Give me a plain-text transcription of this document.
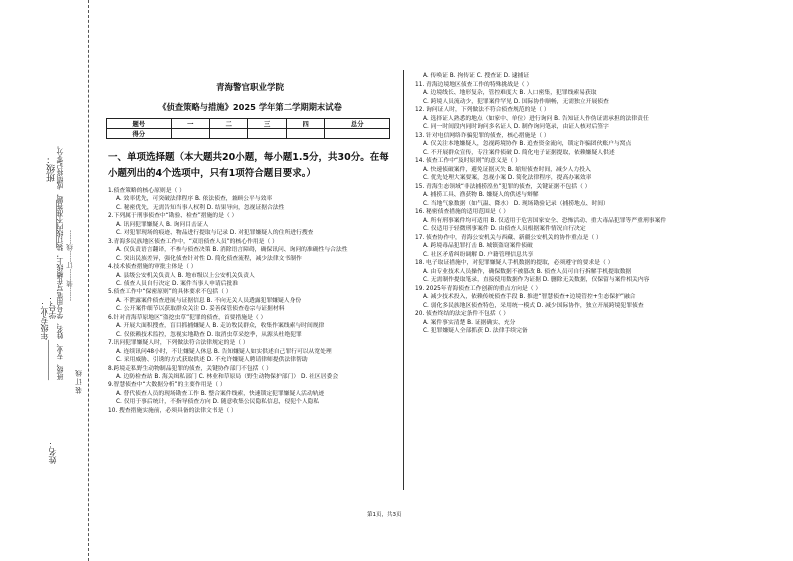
班级：
____________ 班级、专业、姓名、学号用笔写在横线上，装订线内不准答题，成绩将记零分。
学号：
年级专业：
__________
姓名：
装 订 线
------装-----订-----线------
青海警官职业学院
《侦查策略与措施》2025 学年第二学期期末试卷
题号	一	二	三	四	总分
得分					
一、单项选择题（本大题共20小题，每小题1.5分，共30分。在每小题列出的4个选项中，只有1项符合题目要求。）
1.侦查策略的核心原则是（ ）
A. 效率优先，可突破法律程序 B. 依法侦查，兼顾公平与效率
C. 秘密优先，无需告知当事人权利 D. 结果导向，忽视证据合法性
2.下列属于刑事侦查中“勘验、检查”措施的是（ ）
A. 讯问犯罪嫌疑人 B. 询问目击证人
C. 对犯罪现场的痕迹、物品进行提取与记录 D. 对犯罪嫌疑人的住所进行搜查
3.青海多民族地区侦查工作中，“双语侦查人员”的核心作用是（ ）
A. 仅负责语言翻译，不参与侦查决策 B. 消除语言障碍，确保讯问、询问的准确性与合法性
C. 突出民族差异，强化侦查针对性 D. 简化侦查流程，减少法律文书制作
4.技术侦查措施的审批主体是（ ）
A. 县级公安机关负责人 B. 地市级以上公安机关负责人
C. 侦查人员自行决定 D. 案件当事人申请后批准
5.侦查工作中“保密原则”的具体要求不包括（ ）
A. 不泄露案件侦查进展与证据信息 B. 不向无关人员透露犯罪嫌疑人身份
C. 公开案件细节以获取群众关注 D. 妥善保管侦查卷宗与证据材料
6.针对青海草原地区“盗挖虫草”犯罪的侦查，首要措施是（ ）
A. 开展大面积搜查，盲目抓捕嫌疑人 B. 走访牧民群众，收集作案线索与时间规律
C. 仅依赖技术监控，忽视实地勘查 D. 取消虫草采挖季，从源头杜绝犯罪
7.讯问犯罪嫌疑人时，下列做法符合法律规定的是（ ）
A. 连续讯问48小时，不让嫌疑人休息 B. 告知嫌疑人如实供述自己罪行可以从宽处理
C. 采用威胁、引诱的方式获取供述 D. 不允许嫌疑人聘请律师提供法律帮助
8.跨境走私野生动物制品犯罪的侦查，关键协作部门不包括（ ）
A. 边防检查站 B. 海关缉私部门 C. 林业和草原局（野生动物保护部门） D. 社区居委会
9.智慧侦查中“大数据分析”的主要作用是（ ）
A. 替代侦查人员的现场勘查工作 B. 整合案件线索，快速锁定犯罪嫌疑人活动轨迹
C. 仅用于事后统计，不指导侦查方向 D. 随意收集公民隐私信息，侵犯个人隐私
10. 搜查措施实施前，必须具备的法律文书是（ ）
A. 传唤证 B. 拘传证 C. 搜查证 D. 逮捕证
11. 青海边境地区侦查工作的特殊挑战是（ ）
A. 边境线长、地形复杂，管控难度大 B. 人口密集，犯罪线索易获取
C. 跨境人员流动少，犯罪案件罕见 D. 国际协作顺畅，无需独立开展侦查
12. 询问证人时，下列做法不符合侦查规范的是（ ）
A. 选择证人熟悉的地点（如家中、单位）进行询问 B. 告知证人作伪证需承担的法律责任
C. 同一时间段内同时询问多名证人 D. 制作询问笔录，由证人核对后签字
13. 针对电信网络诈骗犯罪的侦查，核心措施是（ ）
A. 仅关注本地嫌疑人，忽视跨境协作 B. 追查资金流向，锁定诈骗团伙账户与窝点
C. 不开展群众宣传，专注案件侦破 D. 简化电子证据提取，依赖嫌疑人供述
14. 侦查工作中“及时原则”的意义是（ ）
A. 快速侦破案件，避免证据灭失 B. 缩短侦查时间，减少人力投入
C. 优先处理大案要案，忽视小案 D. 简化法律程序，提高办案效率
15. 青海生态领域“非法捕捞湟鱼”犯罪的侦查，关键证据不包括（ ）
A. 捕捞工具、渔获物 B. 嫌疑人的供述与辩解
C. 当地气象数据（如气温、降水） D. 现场勘验记录（捕捞地点、时间）
16. 秘密侦查措施的适用范围是（ ）
A. 所有刑事案件均可适用 B. 仅适用于危害国家安全、恐怖活动、重大毒品犯罪等严重刑事案件
C. 仅适用于轻微刑事案件 D. 由侦查人员根据案件情况自行决定
17. 侦查协作中，青海公安机关与西藏、新疆公安机关的协作重点是（ ）
A. 跨境毒品犯罪打击 B. 城镇盗窃案件侦破
C. 社区矛盾纠纷调解 D. 户籍管理信息共享
18. 电子取证措施中，对犯罪嫌疑人手机数据的提取，必须遵守的要求是（ ）
A. 由专业技术人员操作，确保数据不被篡改 B. 侦查人员可自行拆解手机提取数据
C. 无需制作提取笔录，直接使用数据作为证据 D. 删除无关数据，仅保留与案件相关内容
19. 2025年青海侦查工作创新的重点方向是（ ）
A. 减少技术投入，依赖传统侦查手段 B. 推进“智慧侦查+边境管控+生态保护”融合
C. 弱化多民族地区侦查特色，采用统一模式 D. 减少国际协作，独立开展跨境犯罪侦查
20. 侦查终结的法定条件不包括（ ）
A. 案件事实清楚 B. 证据确实、充分
C. 犯罪嫌疑人全部抓获 D. 法律手续完备
第1页，共3页
